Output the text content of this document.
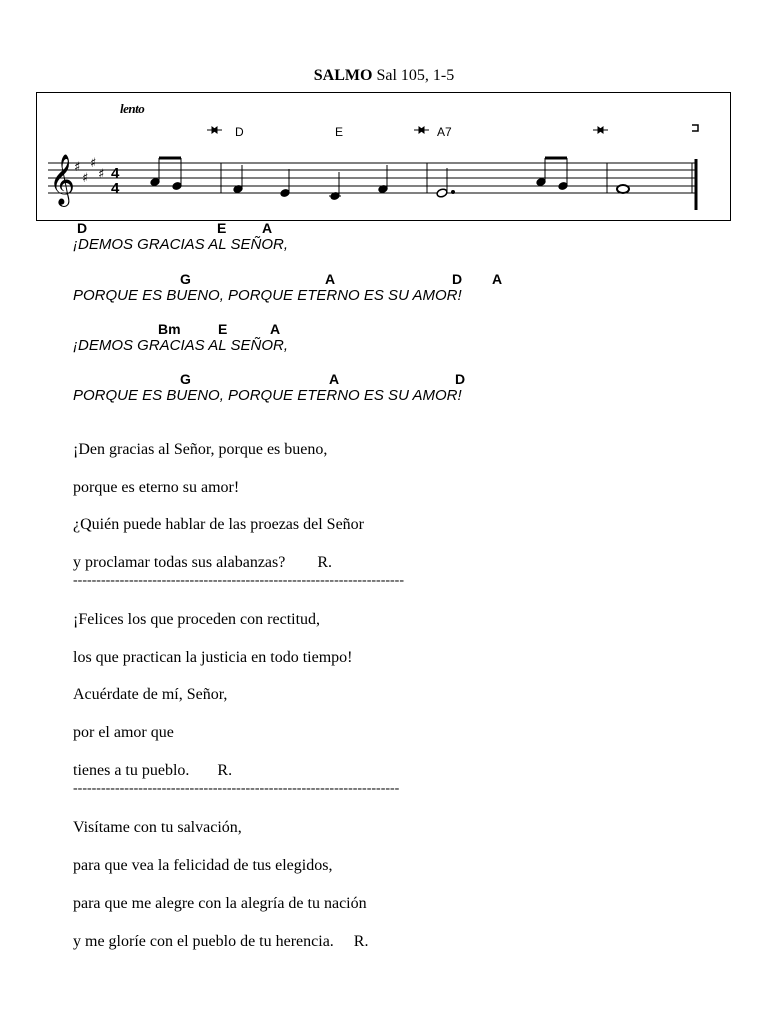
SALMO Sal 105, 1-5
lento
𝄞
♯
♯
♯
♯ 4
4
D	E	A7
D	E	A
¡DEMOS GRACIAS AL SEÑOR,
G	A	D A
PORQUE ES BUENO, PORQUE ETERNO ES SU AMOR!
Bm	E	A
¡DEMOS GRACIAS AL SEÑOR,
G	A	D
PORQUE ES BUENO, PORQUE ETERNO ES SU AMOR!
¡Den gracias al Señor, porque es bueno,
porque es eterno su amor!
¿Quién puede hablar de las proezas del Señor
y proclamar todas sus alabanzas?        R.
-----------------------------------------------------------------------
¡Felices los que proceden con rectitud,
los que practican la justicia en todo tiempo!
Acuérdate de mí, Señor,
por el amor que
tienes a tu pueblo.       R.
----------------------------------------------------------------------
Visítame con tu salvación,
para que vea la felicidad de tus elegidos,
para que me alegre con la alegría de tu nación
y me gloríe con el pueblo de tu herencia.     R.
